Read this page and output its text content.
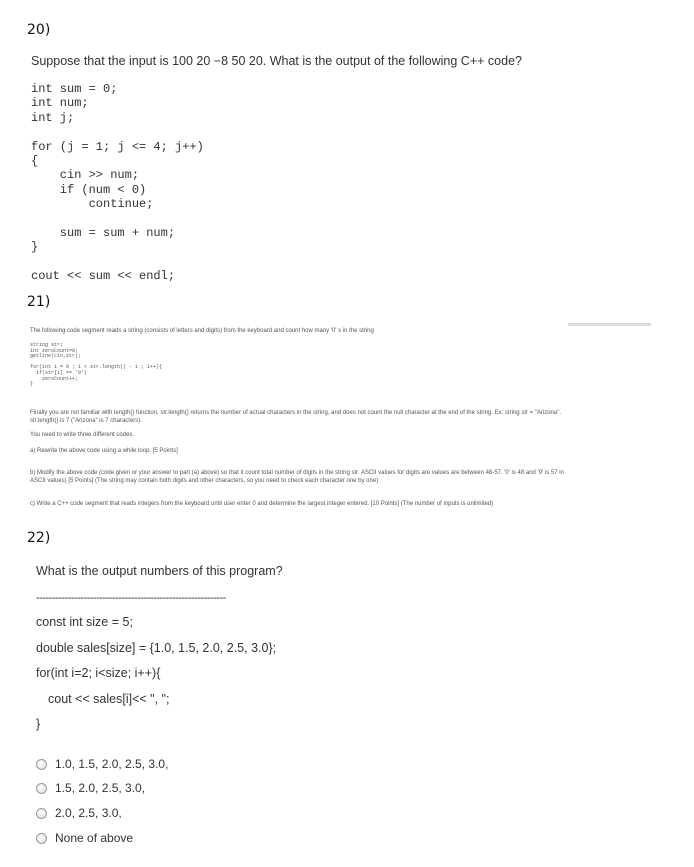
20)
Suppose that the input is 100 20 −8 50 20. What is the output of the following C++ code?
int sum = 0;
int num;
int j;

for (j = 1; j <= 4; j++)
{
cin >> num;
if (num < 0)
continue;

sum = sum + num;
}

cout << sum << endl;
21)
The following code segment reads a string (consists of letters and digits) from the keyboard and count how many '0' s in the string
string str;
int zeroCount=0;
getline(cin,str);

for(int i = 0 ; i < str.length() - 1 ; i++){
if(str[i] == '0')
zeroCount++;
}
Finally you are not familiar with length() function, str.length() returns the number of actual characters in the string, and does not count the null character at the end of the string. Ex: string str = "Arizona".
str.length() is 7 ("Arizona" is 7 characters).
You need to write three different codes.
a) Rewrite the above code using a while loop. [5 Points]
b) Modify the above code (code given or your answer to part (a) above) so that it count total number of digits in the string str. ASCII values for digits are values are between 48-57. '0' is 48 and '9' is 57 in
ASCII values) [5 Points] (The string may contain both digits and other characters, so you need to check each character one by one)
c) Write a C++ code segment that reads integers from the keyboard until user enter 0 and determine the largest integer entered. [10 Points] (The number of inputs is unlimited)
22)
What is the output numbers of this program?
------------------------------------------------------------
const int size = 5;
double sales[size] = {1.0, 1.5, 2.0, 2.5, 3.0};
for(int i=2; i<size; i++){
cout << sales[i]<< ", ";
}
1.0, 1.5, 2.0, 2.5, 3.0,
1.5, 2.0, 2.5, 3.0,
2.0, 2.5, 3.0,
None of above
